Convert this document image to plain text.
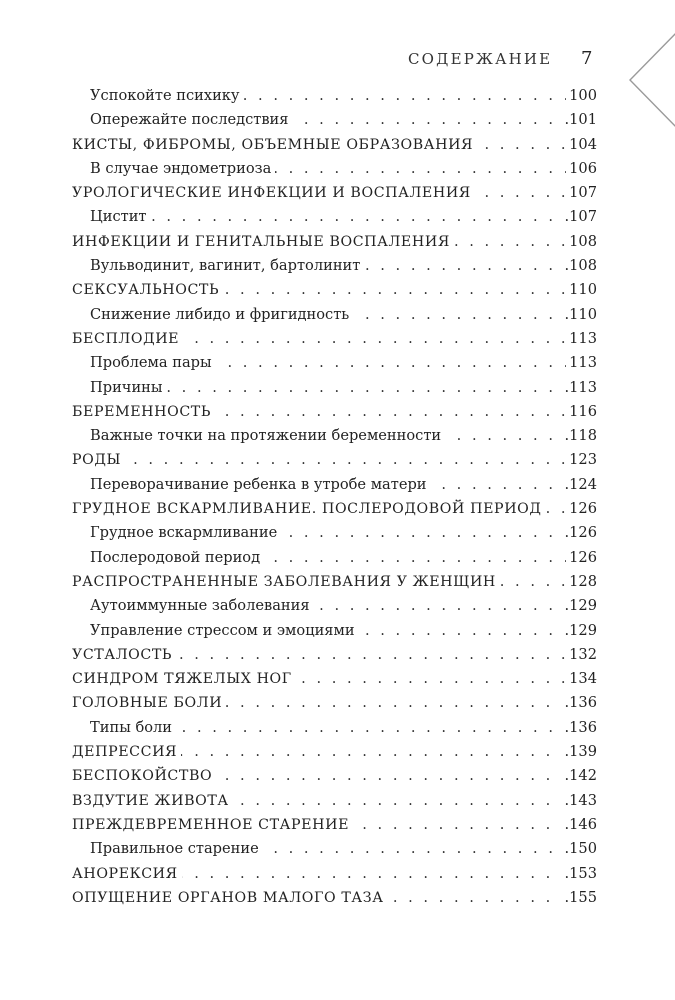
СОДЕРЖАНИЕ 7
. . .
Успокойте психику	100
. . .
Опережайте последствия	.101
. . .
КИСТЫ, ФИБРОМЫ, ОБЪЕМНЫЕ ОБРАЗОВАНИЯ	104
. . .
В случае эндометриоза	106
. . .
УРОЛОГИЧЕСКИЕ ИНФЕКЦИИ И ВОСПАЛЕНИЯ	107
. . .
Цистит	.107
. . .
ИНФЕКЦИИ И ГЕНИТАЛЬНЫЕ ВОСПАЛЕНИЯ	108
. . .
Вульводинит, вагинит, бартолинит	.108
. . .
СЕКСУАЛЬНОСТЬ	110
. . .
Снижение либидо и фригидность	.110
. . .
БЕСПЛОДИЕ	113
. . .
Проблема пары	113
. . .
Причины	.113
. . .
БЕРЕМЕННОСТЬ	116
. . .
Важные точки на протяжении беременности	.118
. . .
РОДЫ	123
. . .
Переворачивание ребенка в утробе матери	.124
. . .
ГРУДНОЕ ВСКАРМЛИВАНИЕ. ПОСЛЕРОДОВОЙ ПЕРИОД 126
. . .
Грудное вскармливание	.126
. . .
Послеродовой период	126
. . .
РАСПРОСТРАНЕННЫЕ ЗАБОЛЕВАНИЯ У ЖЕНЩИН	128
. . .
Аутоиммунные заболевания	.129
. . .
Управление стрессом и эмоциями	.129
. . .
УСТАЛОСТЬ	132
. . .
СИНДРОМ ТЯЖЕЛЫХ НОГ	134
. . .
ГОЛОВНЫЕ БОЛИ	.136
. . .
Типы боли	.136
. . .
ДЕПРЕССИЯ	.139
. . .
БЕСПОКОЙСТВО	.142
. . .
ВЗДУТИЕ ЖИВОТА	.143
. . .
ПРЕЖДЕВРЕМЕННОЕ СТАРЕНИЕ	.146
. . .
Правильное старение	.150
. . .
АНОРЕКСИЯ	.153
. . .
ОПУЩЕНИЕ ОРГАНОВ МАЛОГО ТАЗА	.155
